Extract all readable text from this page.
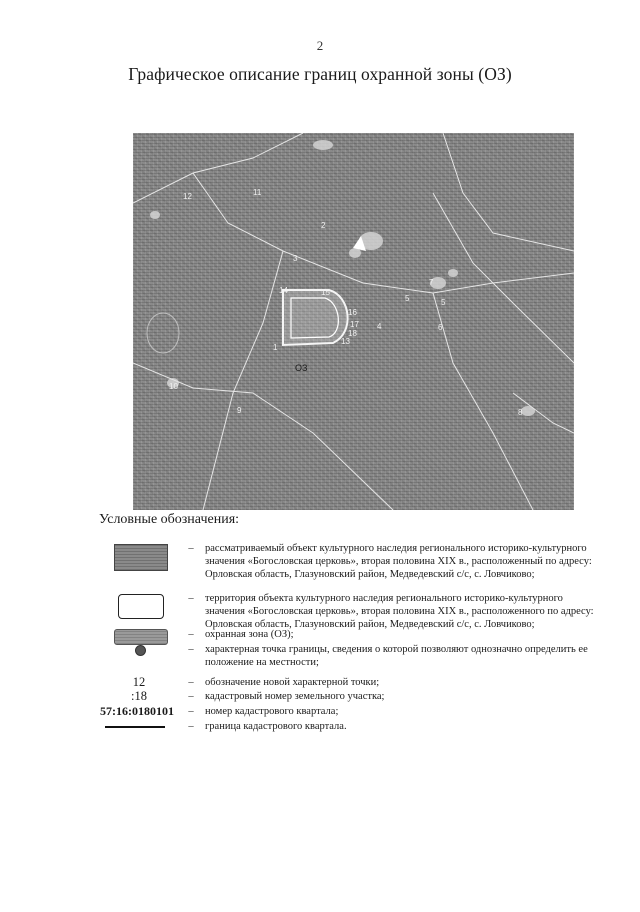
2
Графическое описание границ охранной зоны (ОЗ)
12	11
10
9	8
7
6
5	5
4
3
2
1
14	15
16
17
18
13
ОЗ
Условные обозначения:
– рассматриваемый объект культурного наследия регионального историко-культурного значения «Богословская церковь», вторая половина XIX в., расположенный по адресу: Орловская область, Глазуновский район, Медведевский с/с, с. Ловчиково;
– территория объекта культурного наследия регионального историко-культурного значения «Богословская церковь», вторая половина XIX в., расположенного по адресу: Орловская область, Глазуновский район, Медведевский с/с, с. Ловчиково;
– охранная зона (ОЗ);
– характерная точка границы, сведения о которой позволяют однозначно определить ее положение на местности;
12	– обозначение новой характерной точки;
:18	– кадастровый номер земельного участка;
57:16:0180101	– номер кадастрового квартала;
– граница кадастрового квартала.
